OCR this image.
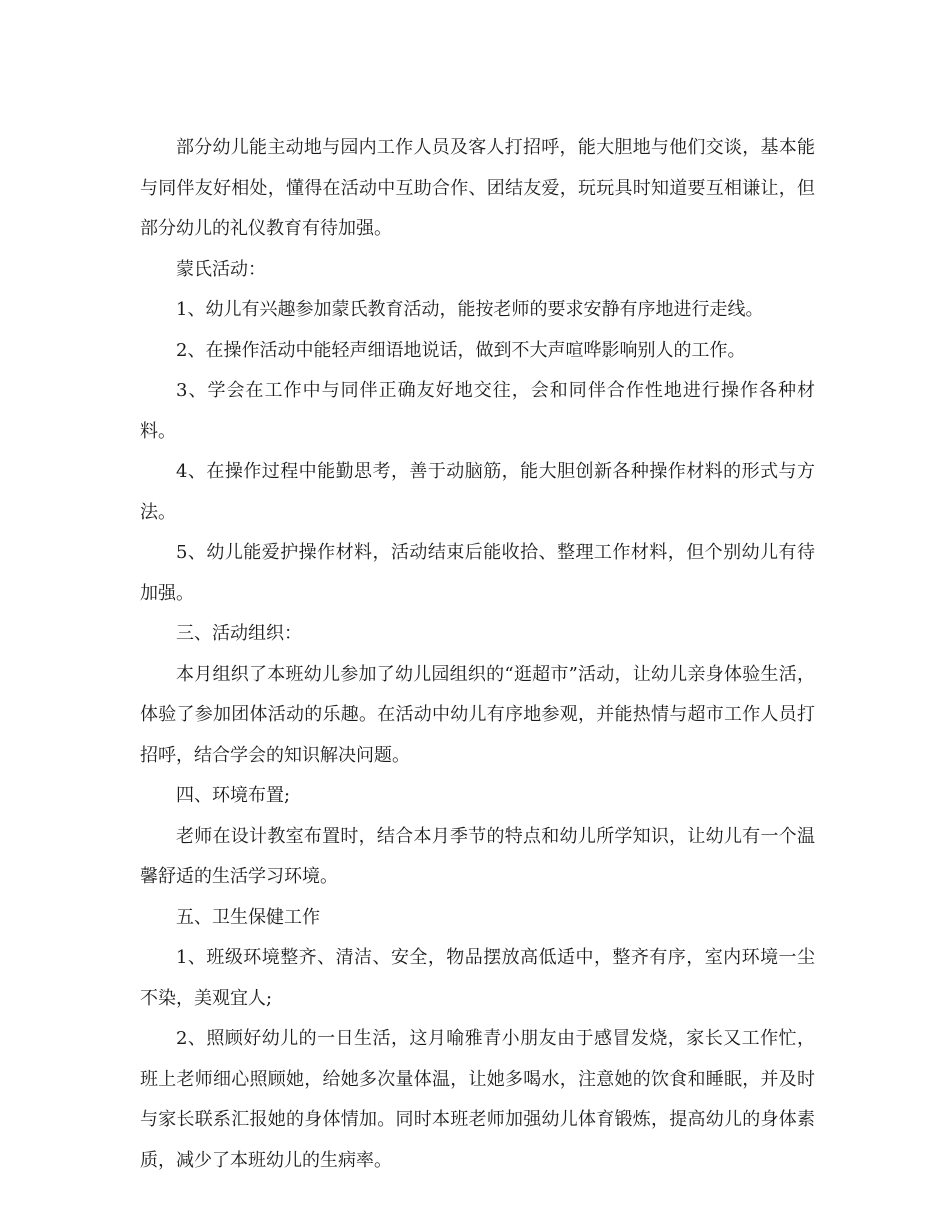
部分幼儿能主动地与园内工作人员及客人打招呼，能大胆地与他们交谈，基本能与同伴友好相处，懂得在活动中互助合作、团结友爱，玩玩具时知道要互相谦让，但部分幼儿的礼仪教育有待加强。

蒙氏活动：

1、幼儿有兴趣参加蒙氏教育活动，能按老师的要求安静有序地进行走线。

2、在操作活动中能轻声细语地说话，做到不大声喧哗影响别人的工作。

3、学会在工作中与同伴正确友好地交往，会和同伴合作性地进行操作各种材料。

4、在操作过程中能勤思考，善于动脑筋，能大胆创新各种操作材料的形式与方法。

5、幼儿能爱护操作材料，活动结束后能收拾、整理工作材料，但个别幼儿有待加强。

三、活动组织：

本月组织了本班幼儿参加了幼儿园组织的“逛超市”活动，让幼儿亲身体验生活，体验了参加团体活动的乐趣。在活动中幼儿有序地参观，并能热情与超市工作人员打招呼，结合学会的知识解决问题。

四、环境布置;

老师在设计教室布置时，结合本月季节的特点和幼儿所学知识，让幼儿有一个温馨舒适的生活学习环境。

五、卫生保健工作

1、班级环境整齐、清洁、安全，物品摆放高低适中，整齐有序，室内环境一尘不染，美观宜人;

2、照顾好幼儿的一日生活，这月喻雅青小朋友由于感冒发烧，家长又工作忙，班上老师细心照顾她，给她多次量体温，让她多喝水，注意她的饮食和睡眠，并及时与家长联系汇报她的身体情加。同时本班老师加强幼儿体育锻炼，提高幼儿的身体素质，减少了本班幼儿的生病率。
